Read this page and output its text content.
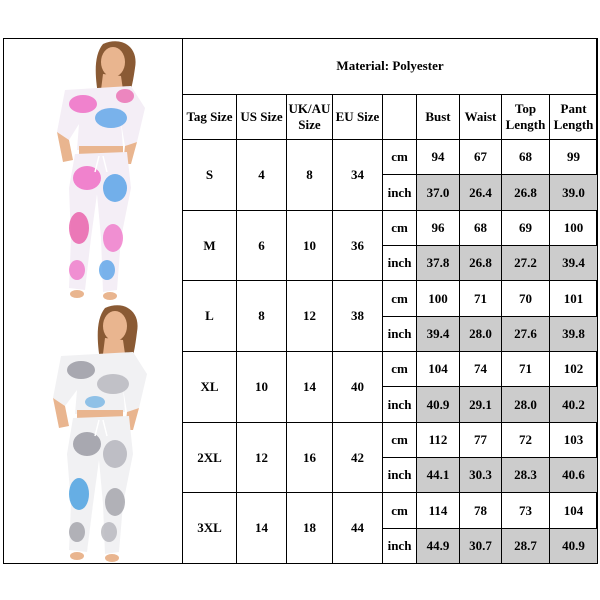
Material: Polyester								
Tag Size	US Size	UK/AU Size	EU Size		Bust	Waist	Top Length	Pant Length
S	4	8	34	cm	94	67	68	99
				inch	37.0	26.4	26.8	39.0
M	6	10	36	cm	96	68	69	100
				inch	37.8	26.8	27.2	39.4
L	8	12	38	cm	100	71	70	101
				inch	39.4	28.0	27.6	39.8
XL	10	14	40	cm	104	74	71	102
				inch	40.9	29.1	28.0	40.2
2XL	12	16	42	cm	112	77	72	103
				inch	44.1	30.3	28.3	40.6
3XL	14	18	44	cm	114	78	73	104
				inch	44.9	30.7	28.7	40.9
